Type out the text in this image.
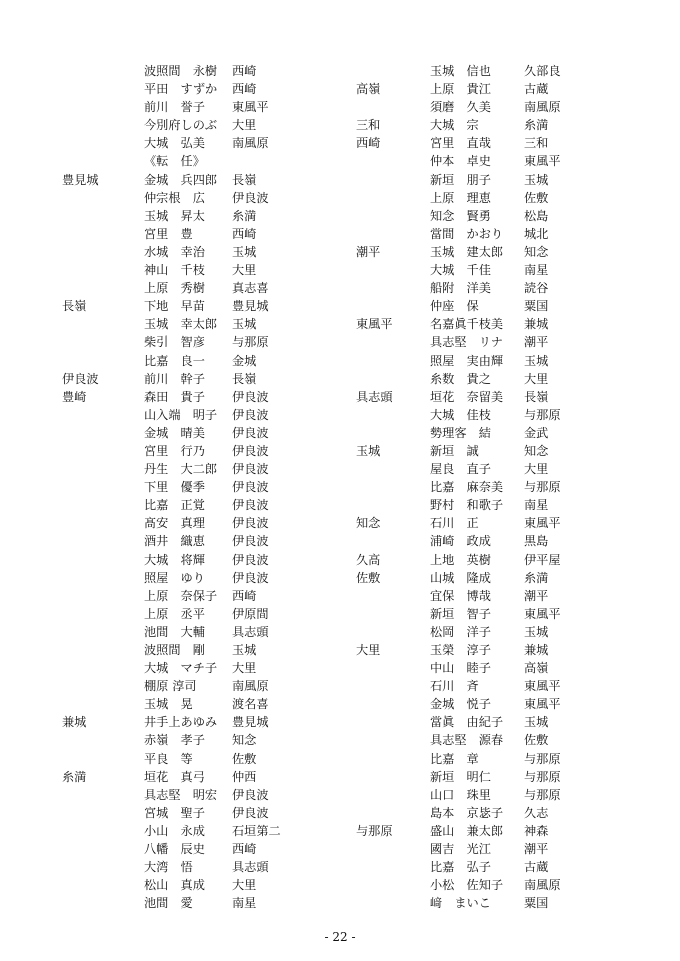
波照間　永樹 西崎
平田　すずか 西崎
前川　誉子 東風平
今別府しのぶ 大里
大城　弘美 南風原
《転　任》
豊見城	金城　兵四郎 長嶺
仲宗根　広 伊良波
玉城　昇太 糸満
宮里　豊	西崎
水城　幸治 玉城
神山　千枝 大里
上原　秀樹 真志喜
長嶺	下地　早苗 豊見城
玉城　幸太郎 玉城
柴引　智彦 与那原
比嘉　良一 金城
伊良波	前川　幹子 長嶺
豊崎	森田　貴子 伊良波
山入端　明子 伊良波
金城　晴美 伊良波
宮里　行乃 伊良波
丹生　大二郎 伊良波
下里　優季 伊良波
比嘉　正覚 伊良波
髙安　真理 伊良波
酒井　織恵 伊良波
大城　将輝 伊良波
照屋　ゆり 伊良波
上原　奈保子 西崎
上原　丞平 伊原間
池間　大輔 具志頭
波照間　剛 玉城
大城　マチ子 大里
棚原 淳司	南風原
玉城　晃	渡名喜
兼城	井手上あゆみ 豊見城
赤嶺　孝子 知念
平良　等	佐敷
糸満	垣花　真弓 仲西
具志堅　明宏 伊良波
宮城　聖子 伊良波
小山　永成 石垣第二
八幡　辰史 西崎
大湾　悟	具志頭
松山　真成 大里
池間　愛	南星
玉城　信也	久部良
高嶺	上原　貴江	古蔵
須磨　久美	南風原
三和	大城　宗	糸満
西崎	宮里　直哉	三和
仲本　卓史	東風平
新垣　朋子	玉城
上原　理恵	佐敷
知念　賢勇	松島
當間　かおり 城北
潮平	玉城　建太郎 知念
大城　千佳	南星
船附　洋美	読谷
仲座　保	粟国
東風平	名嘉眞千枝美 兼城
具志堅　リナ 潮平
照屋　実由輝 玉城
糸数　貴之	大里
具志頭	垣花　奈留美 長嶺
大城　佳枝	与那原
勢理客　結	金武
玉城	新垣　誠	知念
屋良　直子	大里
比嘉　麻奈美 与那原
野村　和歌子 南星
知念	石川　正	東風平
浦崎　政成	黒島
久高	上地　英樹	伊平屋
佐敷	山城　隆成	糸満
宜保　博哉	潮平
新垣　智子	東風平
松岡　洋子	玉城
大里	玉榮　淳子	兼城
中山　睦子	高嶺
石川　斉	東風平
金城　悦子	東風平
當眞　由紀子 玉城
具志堅　源春 佐敷
比嘉　章	与那原
新垣　明仁	与那原
山口　珠里	与那原
島本　京毖子 久志
与那原	盛山　兼太郎 神森
國吉　光江	潮平
比嘉　弘子	古蔵
小松　佐知子 南風原
﨑　まいこ	粟国
- 22 -
